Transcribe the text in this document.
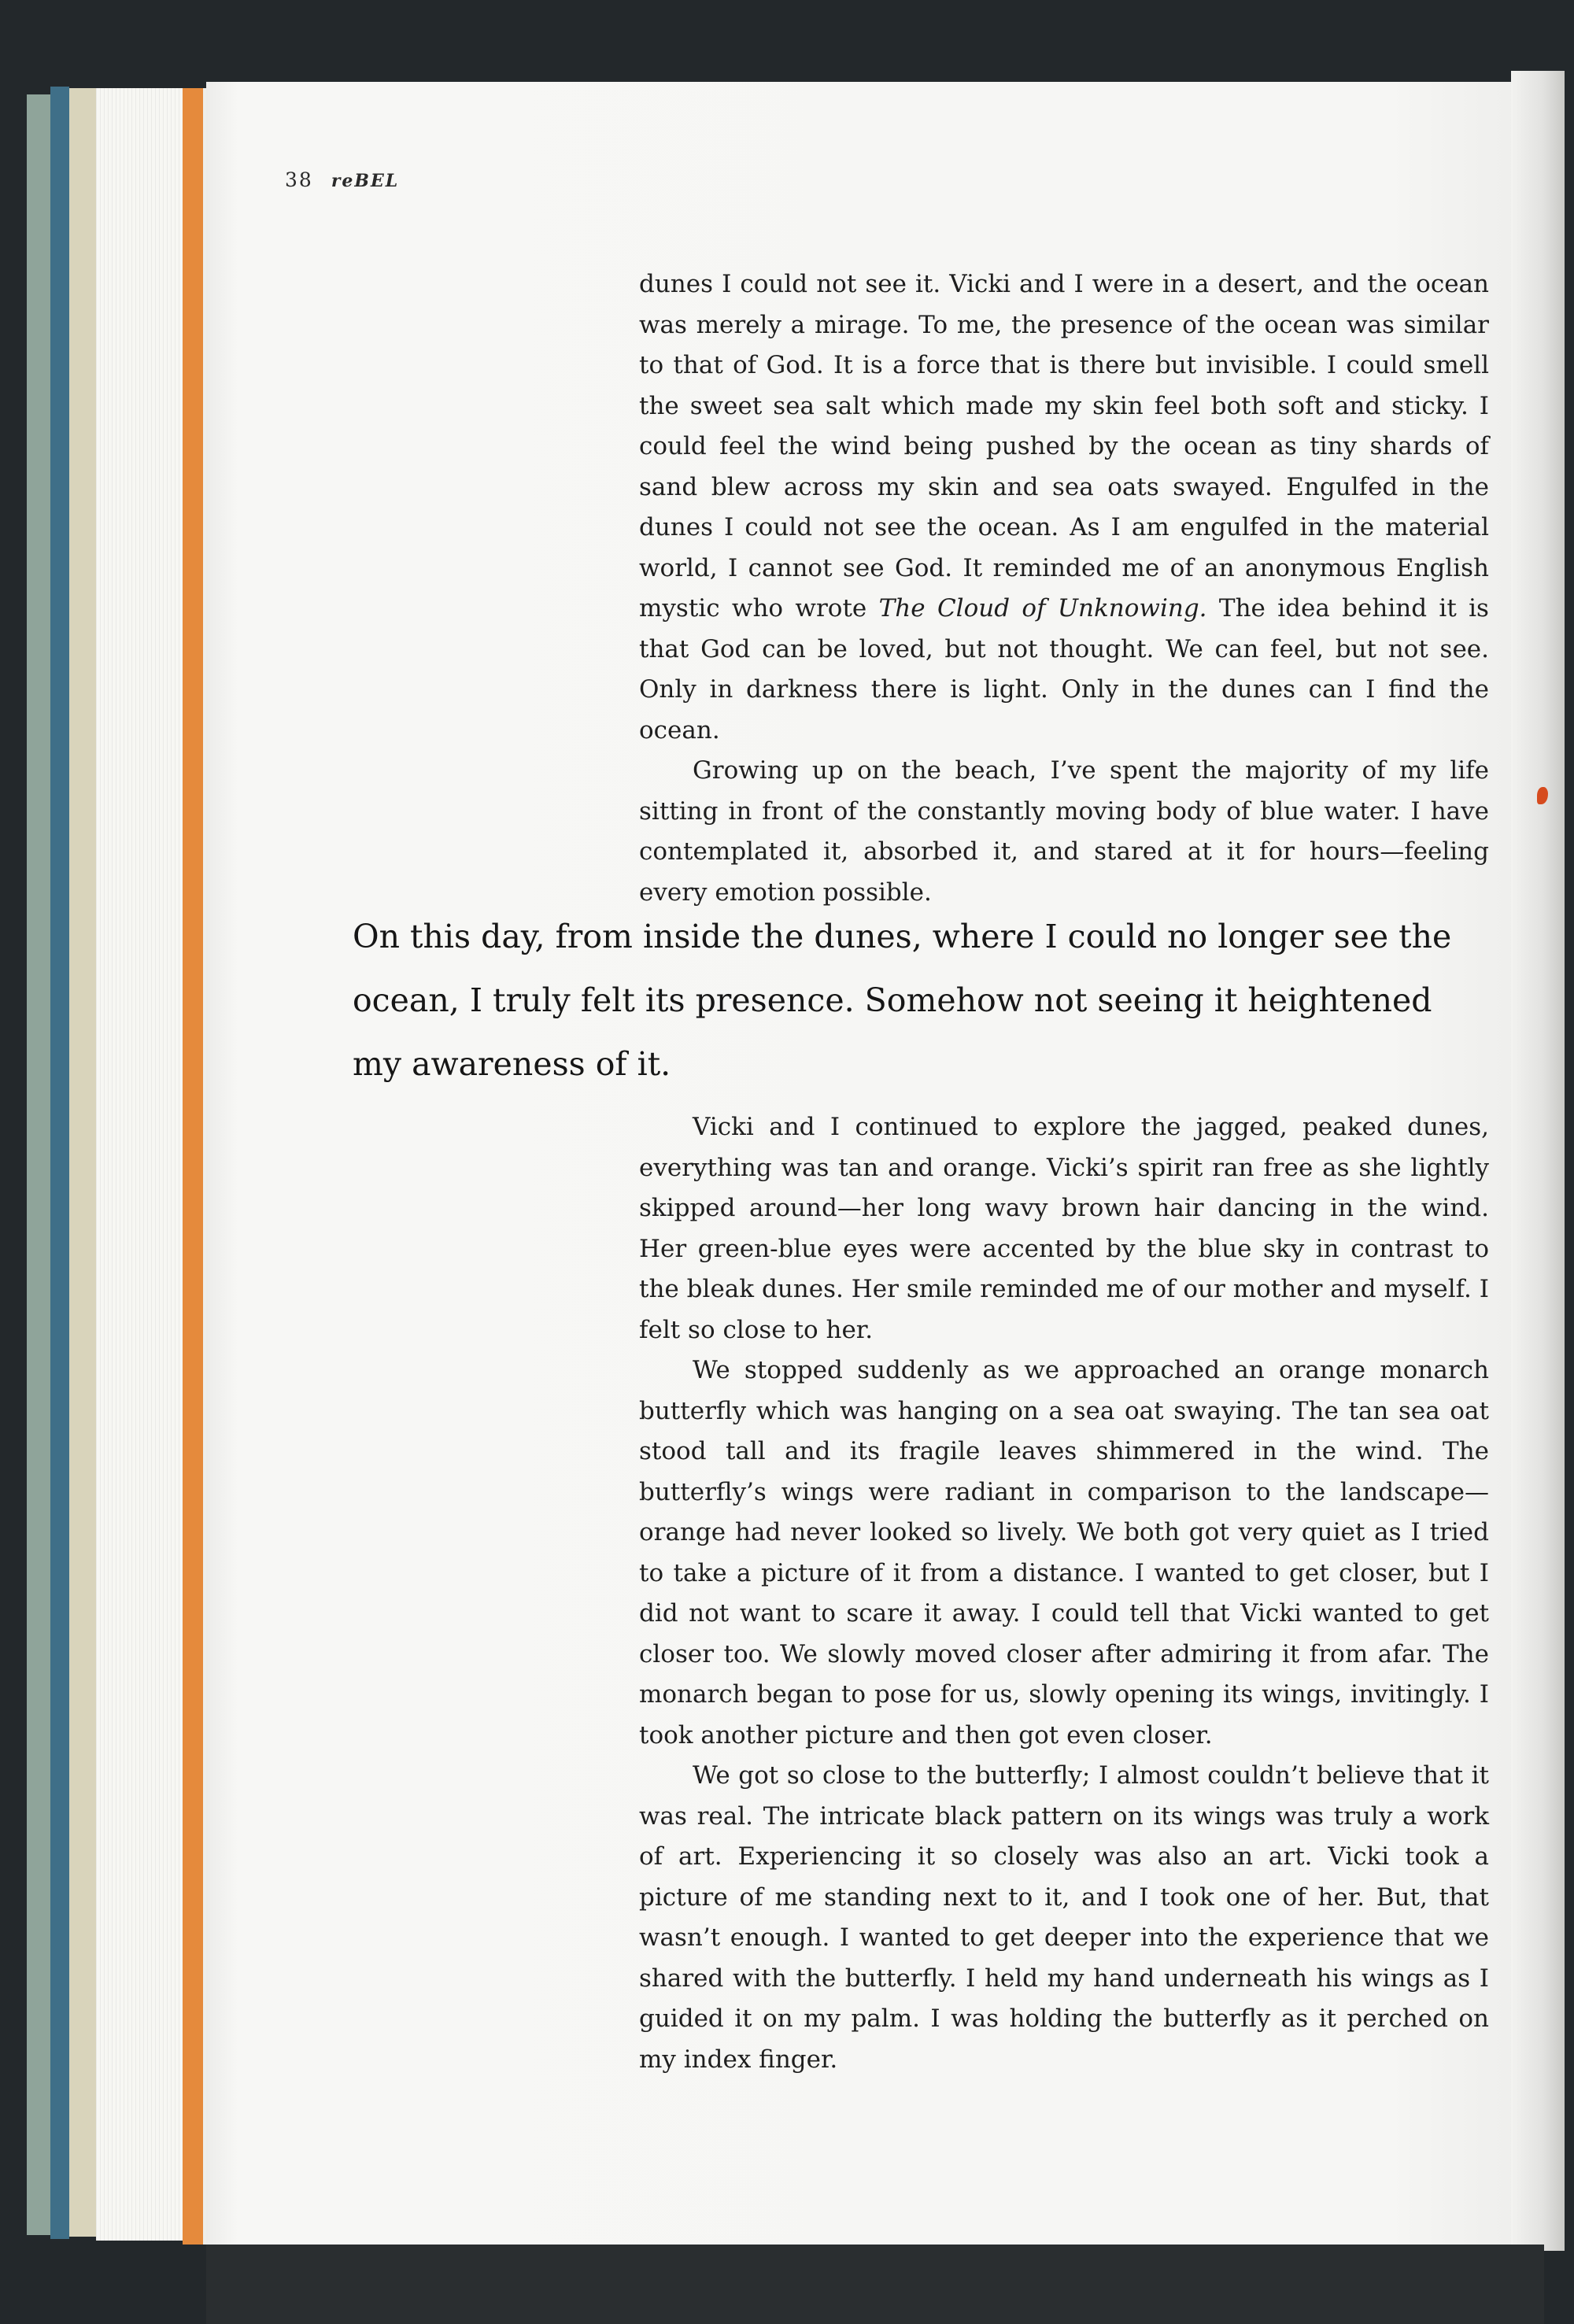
38 reBEL

dunes I could not see it. Vicki and I were in a desert, and the ocean was merely a mirage. To me, the presence of the ocean was similar to that of God. It is a force that is there but invisible. I could smell the sweet sea salt which made my skin feel both soft and sticky. I could feel the wind being pushed by the ocean as tiny shards of sand blew across my skin and sea oats swayed. Engulfed in the dunes I could not see the ocean. As I am engulfed in the material world, I cannot see God. It reminded me of an anonymous English mystic who wrote The Cloud of Unknowing. The idea behind it is that God can be loved, but not thought. We can feel, but not see. Only in darkness there is light. Only in the dunes can I find the ocean.

Growing up on the beach, I’ve spent the majority of my life sitting in front of the constantly moving body of blue water. I have contemplated it, absorbed it, and stared at it for hours—feeling every emotion possible.

On this day, from inside the dunes, where I could no longer see the
ocean, I truly felt its presence. Somehow not seeing it heightened
my awareness of it.

Vicki and I continued to explore the jagged, peaked dunes, everything was tan and orange. Vicki’s spirit ran free as she lightly skipped around—her long wavy brown hair dancing in the wind. Her green-blue eyes were accented by the blue sky in contrast to the bleak dunes. Her smile reminded me of our mother and myself. I felt so close to her.

We stopped suddenly as we approached an orange monarch butterfly which was hanging on a sea oat swaying. The tan sea oat stood tall and its fragile leaves shimmered in the wind. The butterfly’s wings were radiant in comparison to the landscape—orange had never looked so lively. We both got very quiet as I tried to take a picture of it from a distance. I wanted to get closer, but I did not want to scare it away. I could tell that Vicki wanted to get closer too. We slowly moved closer after admiring it from afar. The monarch began to pose for us, slowly opening its wings, invitingly. I took another picture and then got even closer.

We got so close to the butterfly; I almost couldn’t believe that it was real. The intricate black pattern on its wings was truly a work of art. Experiencing it so closely was also an art. Vicki took a picture of me standing next to it, and I took one of her. But, that wasn’t enough. I wanted to get deeper into the experience that we shared with the butterfly. I held my hand underneath his wings as I guided it on my palm. I was holding the butterfly as it perched on my index finger.
